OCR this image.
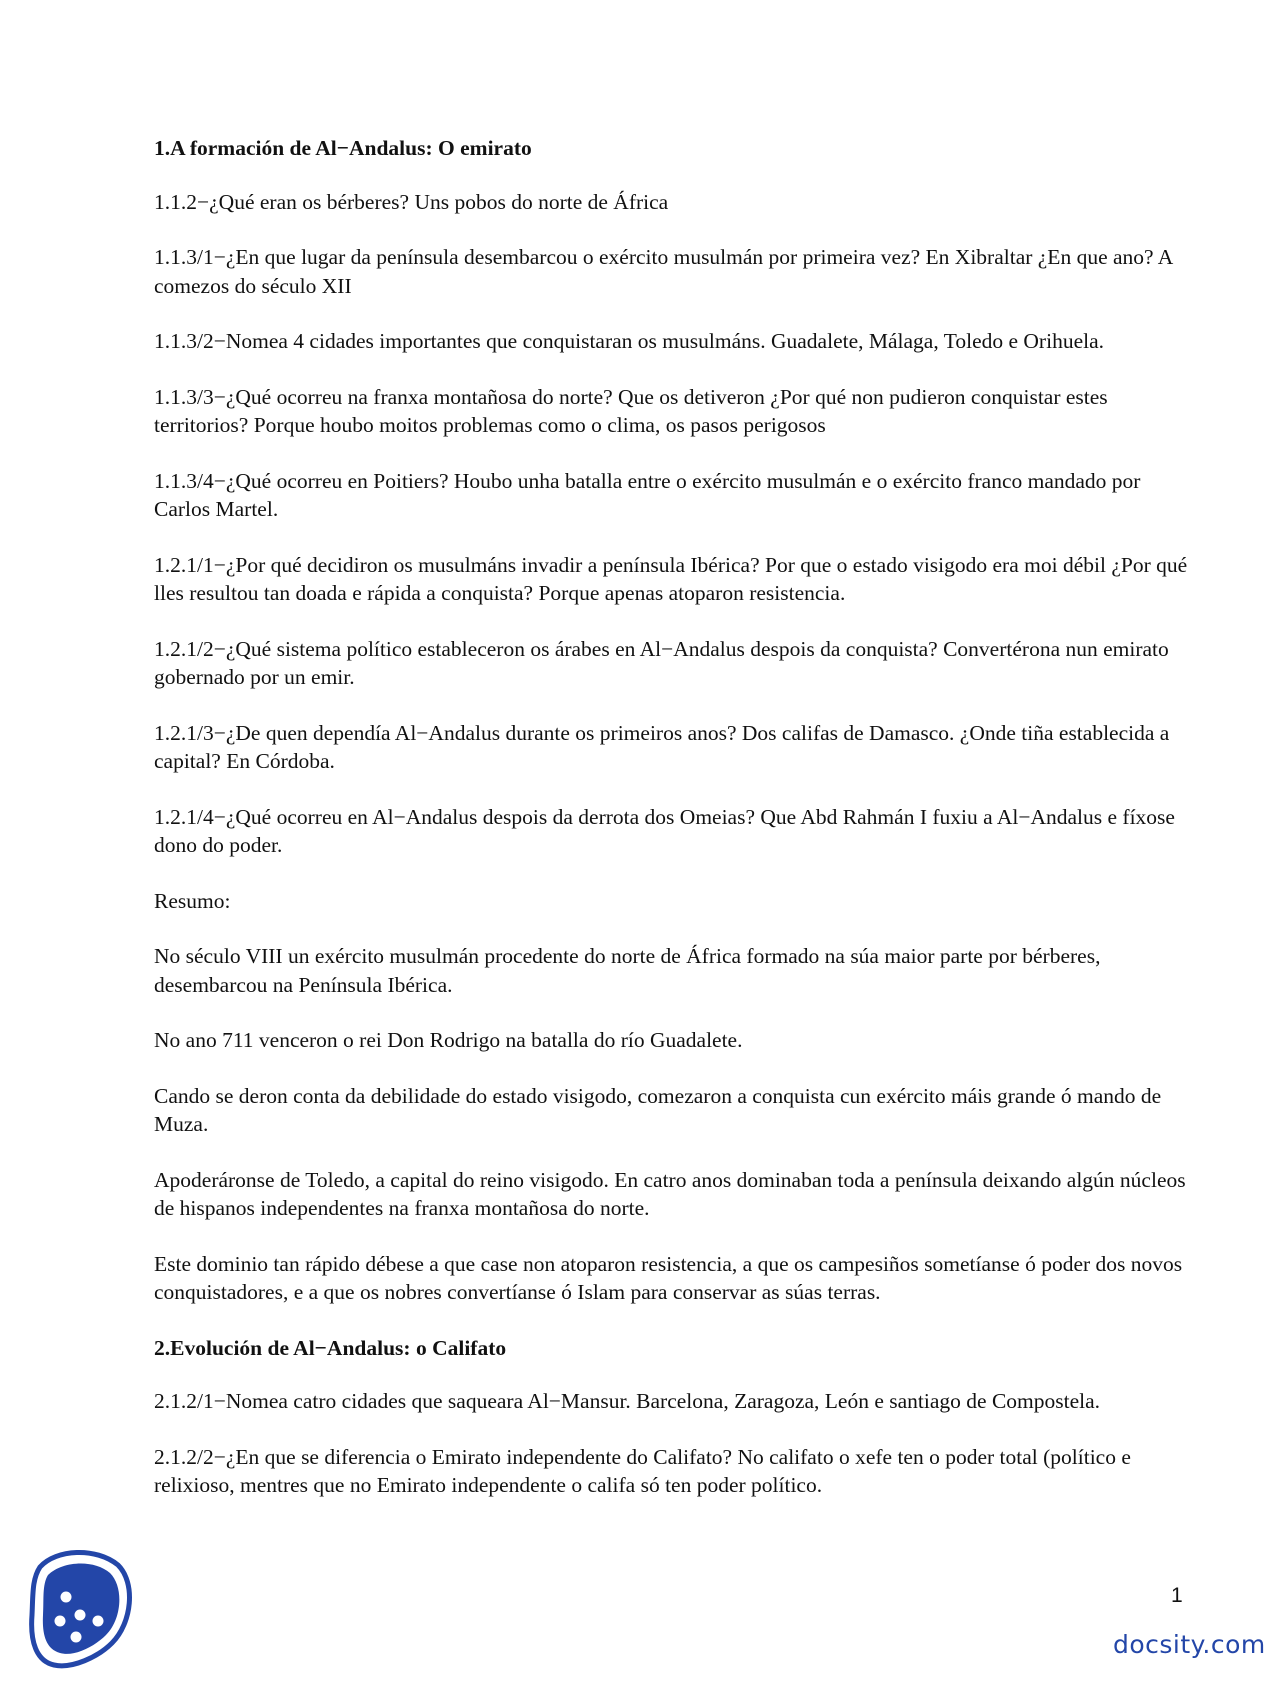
1.A formación de Al−Andalus: O emirato

1.1.2−¿Qué eran os bérberes? Uns pobos do norte de África

1.1.3/1−¿En que lugar da península desembarcou o exército musulmán por primeira vez? En Xibraltar ¿En que ano? A comezos do século XII

1.1.3/2−Nomea 4 cidades importantes que conquistaran os musulmáns. Guadalete, Málaga, Toledo e Orihuela.

1.1.3/3−¿Qué ocorreu na franxa montañosa do norte? Que os detiveron ¿Por qué non pudieron conquistar estes territorios? Porque houbo moitos problemas como o clima, os pasos perigosos

1.1.3/4−¿Qué ocorreu en Poitiers? Houbo unha batalla entre o exército musulmán e o exército franco mandado por Carlos Martel.

1.2.1/1−¿Por qué decidiron os musulmáns invadir a península Ibérica? Por que o estado visigodo era moi débil ¿Por qué lles resultou tan doada e rápida a conquista? Porque apenas atoparon resistencia.

1.2.1/2−¿Qué sistema político estableceron os árabes en Al−Andalus despois da conquista? Convertérona nun emirato gobernado por un emir.

1.2.1/3−¿De quen dependía Al−Andalus durante os primeiros anos? Dos califas de Damasco. ¿Onde tiña establecida a capital? En Córdoba.

1.2.1/4−¿Qué ocorreu en Al−Andalus despois da derrota dos Omeias? Que Abd Rahmán I fuxiu a Al−Andalus e fíxose dono do poder.

Resumo:

No século VIII un exército musulmán procedente do norte de África formado na súa maior parte por bérberes, desembarcou na Península Ibérica.

No ano 711 venceron o rei Don Rodrigo na batalla do río Guadalete.

Cando se deron conta da debilidade do estado visigodo, comezaron a conquista cun exército máis grande ó mando de Muza.

Apoderáronse de Toledo, a capital do reino visigodo. En catro anos dominaban toda a península deixando algún núcleos de hispanos independentes na franxa montañosa do norte.

Este dominio tan rápido débese a que case non atoparon resistencia, a que os campesiños sometíanse ó poder dos novos conquistadores, e a que os nobres convertíanse ó Islam para conservar as súas terras.

2.Evolución de Al−Andalus: o Califato

2.1.2/1−Nomea catro cidades que saqueara Al−Mansur. Barcelona, Zaragoza, León e santiago de Compostela.

2.1.2/2−¿En que se diferencia o Emirato independente do Califato? No califato o xefe ten o poder total (político e relixioso, mentres que no Emirato independente o califa só ten poder político.

1
docsity.com
